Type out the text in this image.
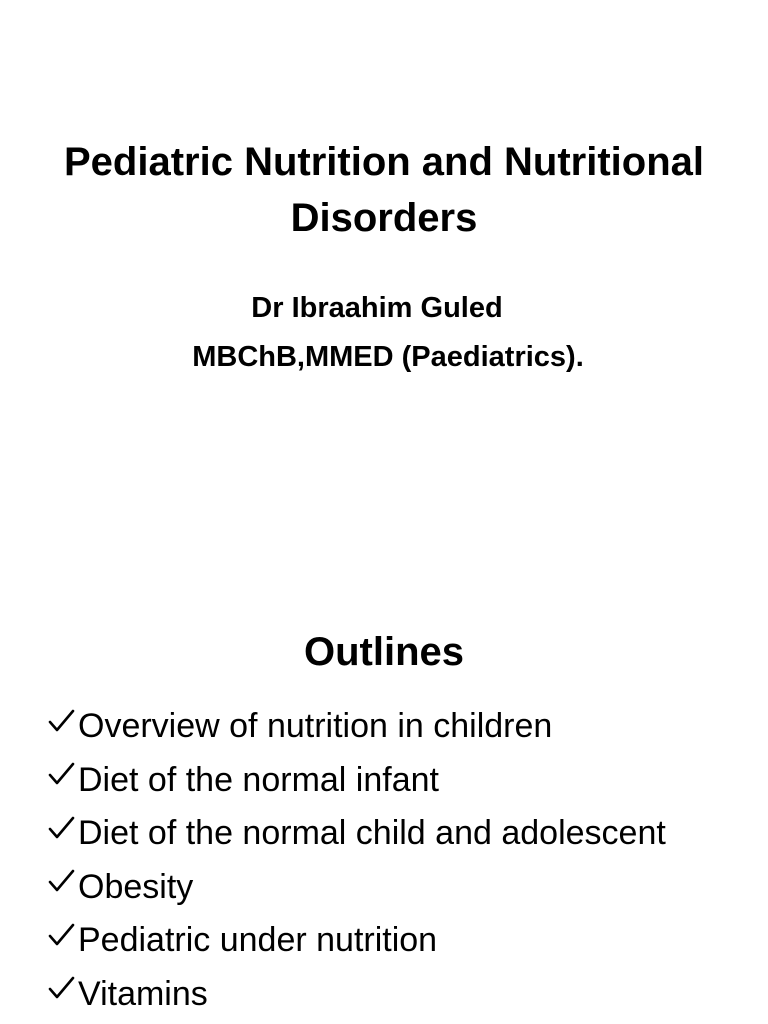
Pediatric Nutrition and Nutritional
Disorders
Dr Ibraahim Guled
MBChB,MMED (Paediatrics).
Outlines
Overview of nutrition in children
Diet of the normal infant
Diet of the normal child and adolescent
Obesity
Pediatric under nutrition
Vitamins
